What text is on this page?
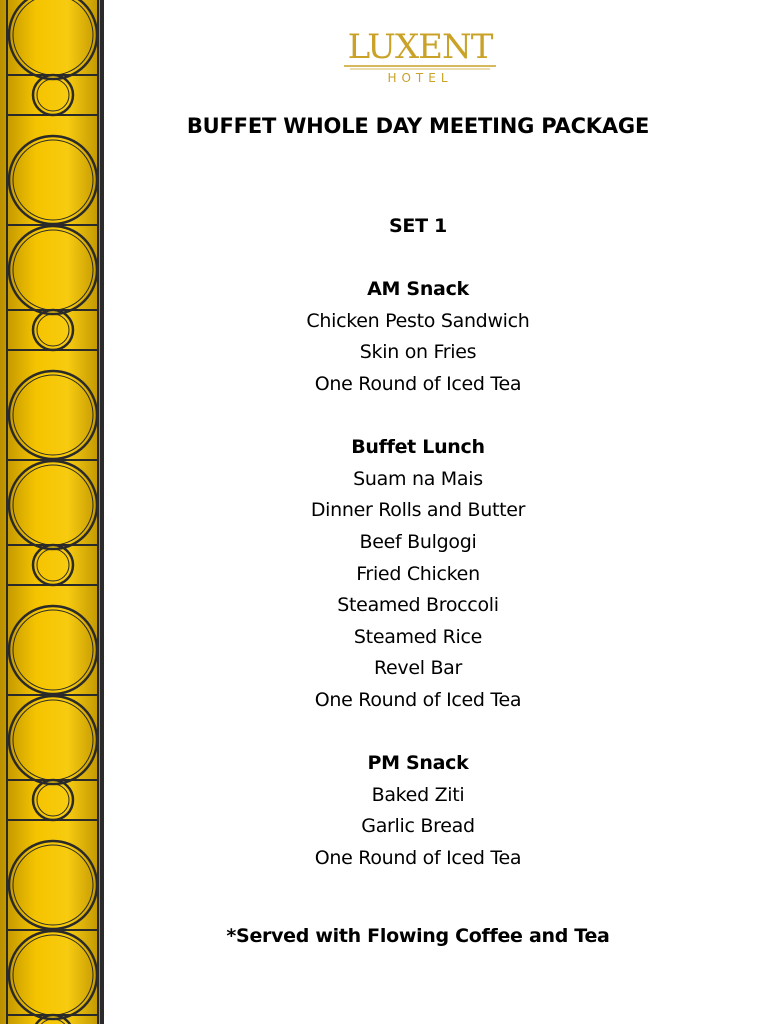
LUXENT
HOTEL
BUFFET WHOLE DAY MEETING PACKAGE
SET 1
AM Snack
Chicken Pesto Sandwich
Skin on Fries
One Round of Iced Tea
Buffet Lunch
Suam na Mais
Dinner Rolls and Butter
Beef Bulgogi
Fried Chicken
Steamed Broccoli
Steamed Rice
Revel Bar
One Round of Iced Tea
PM Snack
Baked Ziti
Garlic Bread
One Round of Iced Tea
*Served with Flowing Coffee and Tea
